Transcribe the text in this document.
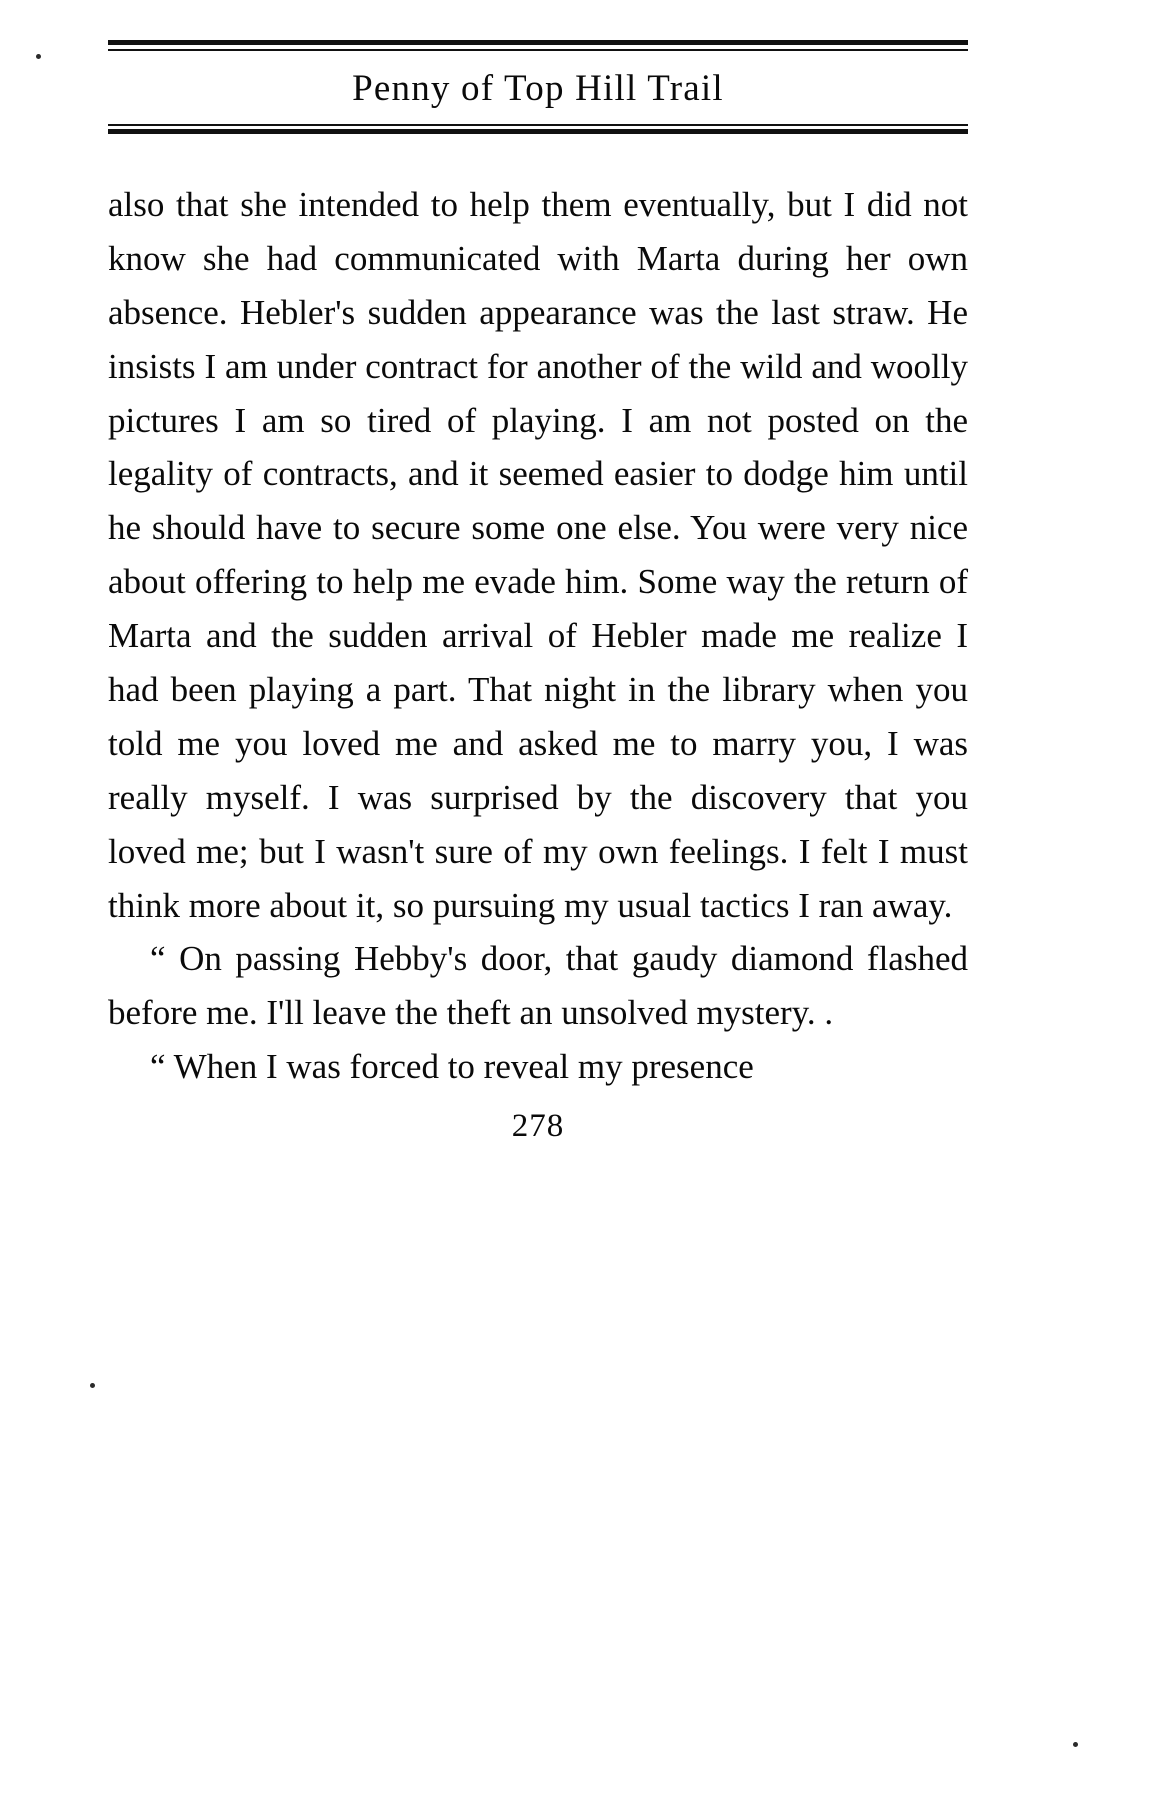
Penny of Top Hill Trail

also that she intended to help them eventually, but I did not know she had communicated with Marta during her own absence. Hebler's sudden appearance was the last straw. He insists I am under contract for another of the wild and woolly pictures I am so tired of playing. I am not posted on the legality of contracts, and it seemed easier to dodge him until he should have to secure some one else. You were very nice about offering to help me evade him. Some way the return of Marta and the sudden arrival of Hebler made me realize I had been playing a part. That night in the library when you told me you loved me and asked me to marry you, I was really myself. I was surprised by the discovery that you loved me; but I wasn't sure of my own feelings. I felt I must think more about it, so pursuing my usual tactics I ran away.

“ On passing Hebby's door, that gaudy diamond flashed before me. I'll leave the theft an unsolved mystery. .

“ When I was forced to reveal my presence

278
